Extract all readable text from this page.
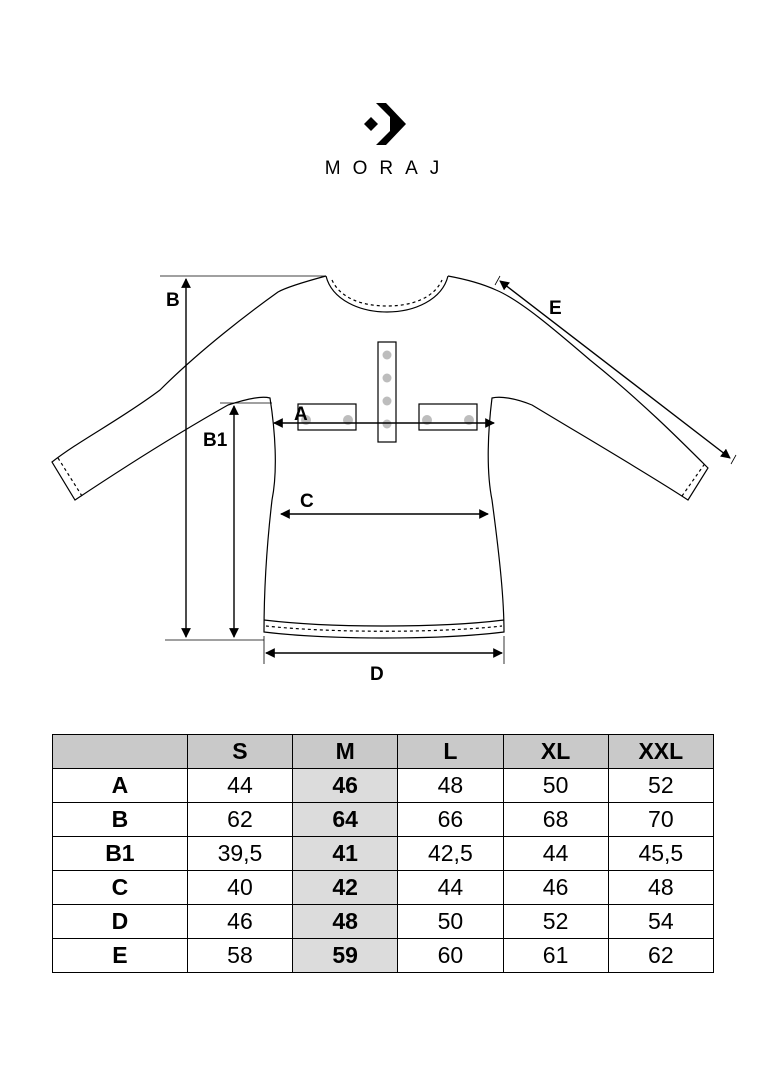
MORAJ
B
B1
A
C
D
E
	S	M	L	XL	XXL
A	44	46	48	50	52
B	62	64	66	68	70
B1	39,5	41	42,5	44	45,5
C	40	42	44	46	48
D	46	48	50	52	54
E	58	59	60	61	62
